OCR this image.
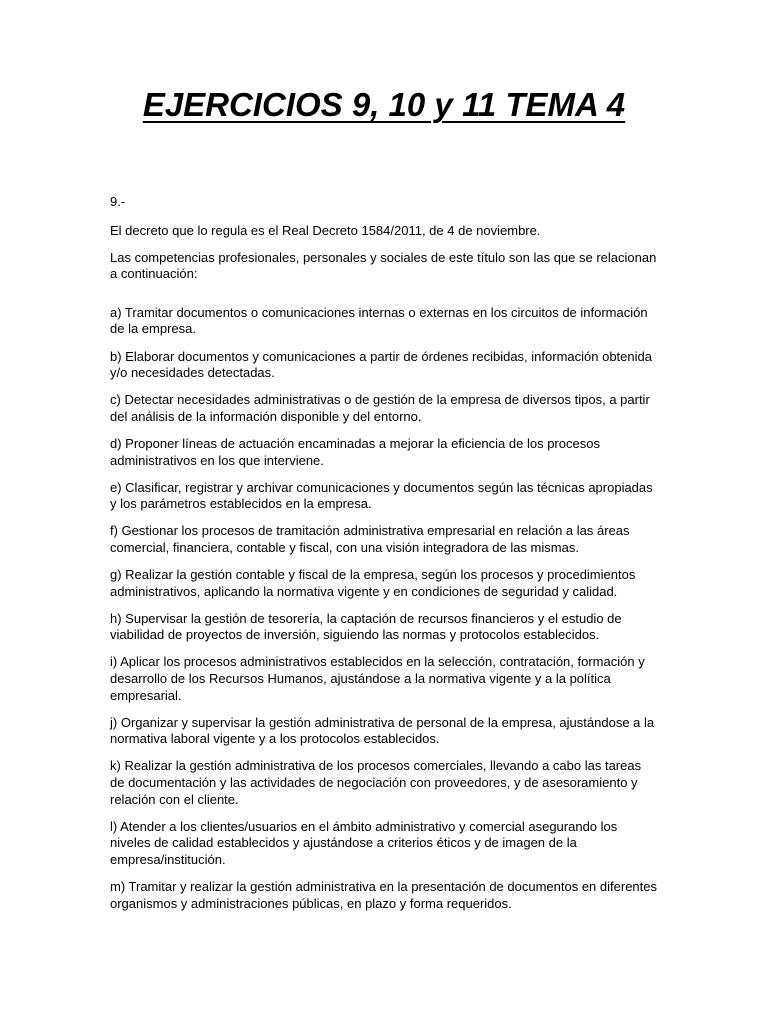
EJERCICIOS 9, 10 y 11 TEMA 4

9.-

El decreto que lo regula es el Real Decreto 1584/2011, de 4 de noviembre.

Las competencias profesionales, personales y sociales de este título son las que se relacionan a continuación:

a) Tramitar documentos o comunicaciones internas o externas en los circuitos de información de la empresa.

b) Elaborar documentos y comunicaciones a partir de órdenes recibidas, información obtenida y/o necesidades detectadas.

c) Detectar necesidades administrativas o de gestión de la empresa de diversos tipos, a partir del análisis de la información disponible y del entorno.

d) Proponer líneas de actuación encaminadas a mejorar la eficiencia de los procesos administrativos en los que interviene.

e) Clasificar, registrar y archivar comunicaciones y documentos según las técnicas apropiadas y los parámetros establecidos en la empresa.

f) Gestionar los procesos de tramitación administrativa empresarial en relación a las áreas comercial, financiera, contable y fiscal, con una visión integradora de las mismas.

g) Realizar la gestión contable y fiscal de la empresa, según los procesos y procedimientos administrativos, aplicando la normativa vigente y en condiciones de seguridad y calidad.

h) Supervisar la gestión de tesorería, la captación de recursos financieros y el estudio de viabilidad de proyectos de inversión, siguiendo las normas y protocolos establecidos.

i) Aplicar los procesos administrativos establecidos en la selección, contratación, formación y desarrollo de los Recursos Humanos, ajustándose a la normativa vigente y a la política empresarial.

j) Organizar y supervisar la gestión administrativa de personal de la empresa, ajustándose a la normativa laboral vigente y a los protocolos establecidos.

k) Realizar la gestión administrativa de los procesos comerciales, llevando a cabo las tareas de documentación y las actividades de negociación con proveedores, y de asesoramiento y relación con el cliente.

l) Atender a los clientes/usuarios en el ámbito administrativo y comercial asegurando los niveles de calidad establecidos y ajustándose a criterios éticos y de imagen de la empresa/institución.

m) Tramitar y realizar la gestión administrativa en la presentación de documentos en diferentes organismos y administraciones públicas, en plazo y forma requeridos.
